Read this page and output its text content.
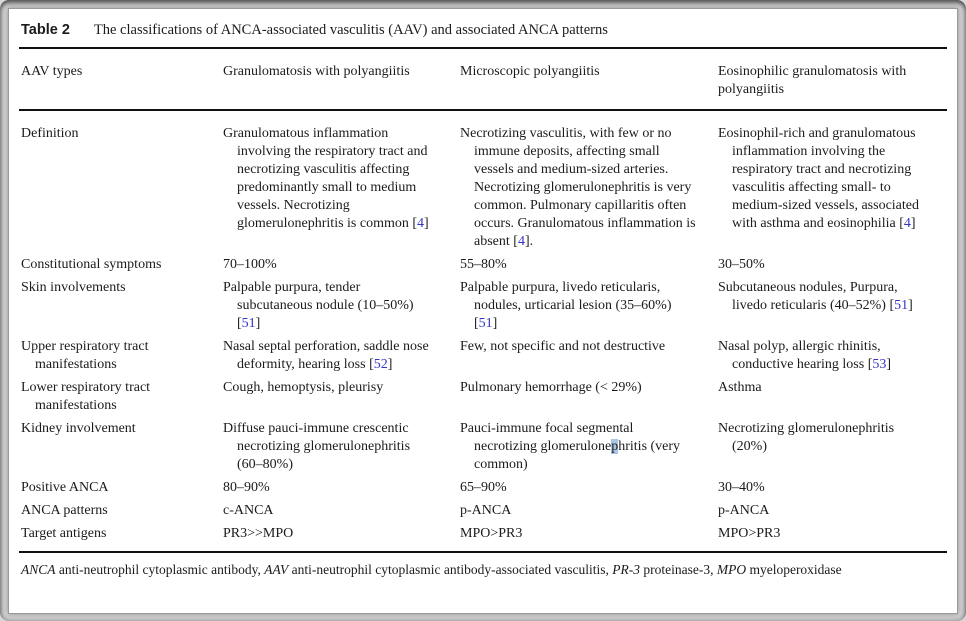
Table 2 The classifications of ANCA-associated vasculitis (AAV) and associated ANCA patterns
AAV types	Granulomatosis with polyangiitis	Microscopic polyangiitis	Eosinophilic granulomatosis with polyangiitis

Definition	Granulomatous inflammation involving the respiratory tract and necrotizing vasculitis affecting predominantly small to medium vessels. Necrotizing glomerulonephritis is common [4]	Necrotizing vasculitis, with few or no immune deposits, affecting small vessels and medium-sized arteries. Necrotizing glomerulonephritis is very common. Pulmonary capillaritis often occurs. Granulomatous inflammation is absent [4].	Eosinophil-rich and granulomatous inflammation involving the respiratory tract and necrotizing vasculitis affecting small- to medium-sized vessels, associated with asthma and eosinophilia [4]

Constitutional symptoms	70–100%	55–80%	30–50%

Skin involvements	Palpable purpura, tender subcutaneous nodule (10–50%) [51]	Palpable purpura, livedo reticularis, nodules, urticarial lesion (35–60%) [51]	Subcutaneous nodules, Purpura, livedo reticularis (40–52%) [51]

Upper respiratory tract manifestations	Nasal septal perforation, saddle nose deformity, hearing loss [52]	Few, not specific and not destructive	Nasal polyp, allergic rhinitis, conductive hearing loss [53]

Lower respiratory tract manifestations	Cough, hemoptysis, pleurisy	Pulmonary hemorrhage (< 29%)	Asthma

Kidney involvement	Diffuse pauci-immune crescentic necrotizing glomerulonephritis (60–80%)	Pauci-immune focal segmental necrotizing glomerulonephritis (very common)	Necrotizing glomerulonephritis (20%)

Positive ANCA	80–90%	65–90%	30–40%

ANCA patterns	c-ANCA	p-ANCA	p-ANCA

Target antigens	PR3>>MPO	MPO>PR3	MPO>PR3
ANCA anti-neutrophil cytoplasmic antibody, AAV anti-neutrophil cytoplasmic antibody-associated vasculitis, PR-3 proteinase-3, MPO myeloperoxidase
